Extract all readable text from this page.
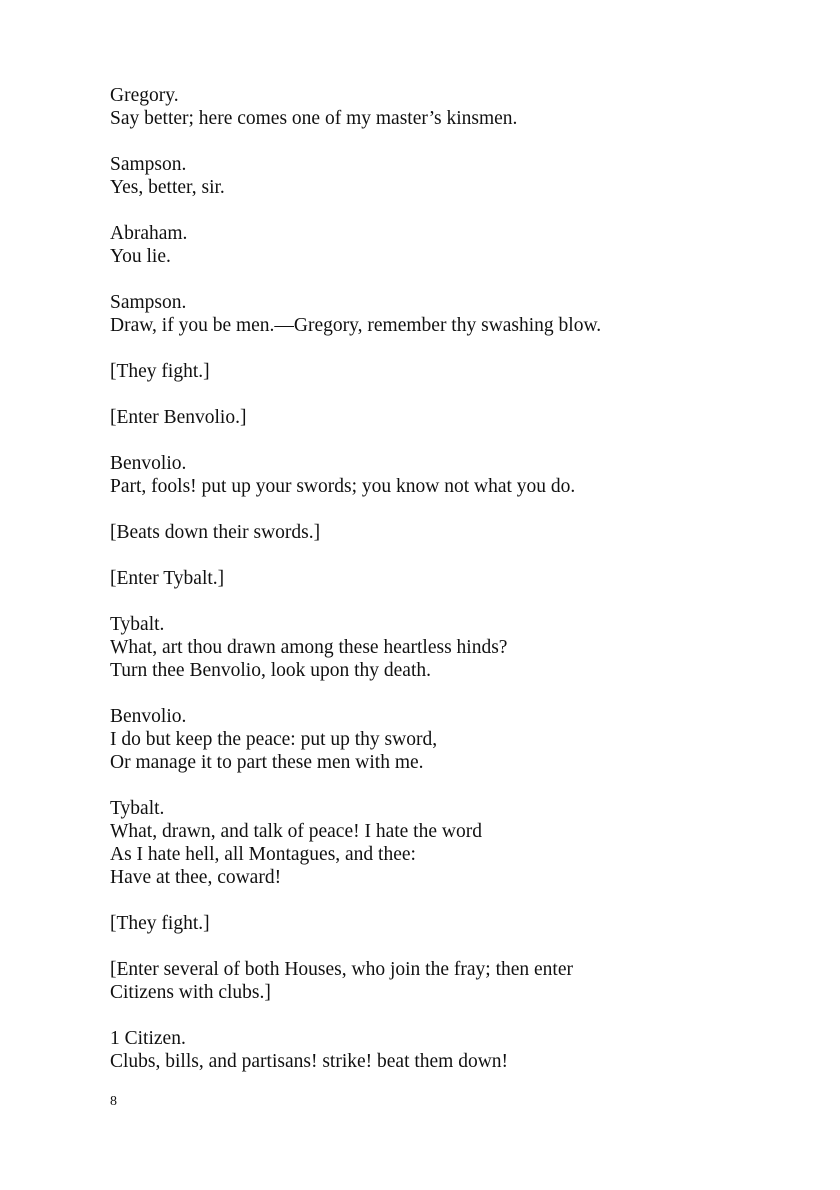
Gregory.
Say better; here comes one of my master’s kinsmen.
Sampson.
Yes, better, sir.
Abraham.
You lie.
Sampson.
Draw, if you be men.—Gregory, remember thy swashing blow.
[They fight.]
[Enter Benvolio.]
Benvolio.
Part, fools! put up your swords; you know not what you do.
[Beats down their swords.]
[Enter Tybalt.]
Tybalt.
What, art thou drawn among these heartless hinds?
Turn thee Benvolio, look upon thy death.
Benvolio.
I do but keep the peace: put up thy sword,
Or manage it to part these men with me.
Tybalt.
What, drawn, and talk of peace! I hate the word
As I hate hell, all Montagues, and thee:
Have at thee, coward!
[They fight.]
[Enter several of both Houses, who join the fray; then enter
Citizens with clubs.]
1 Citizen.
Clubs, bills, and partisans! strike! beat them down!
8
